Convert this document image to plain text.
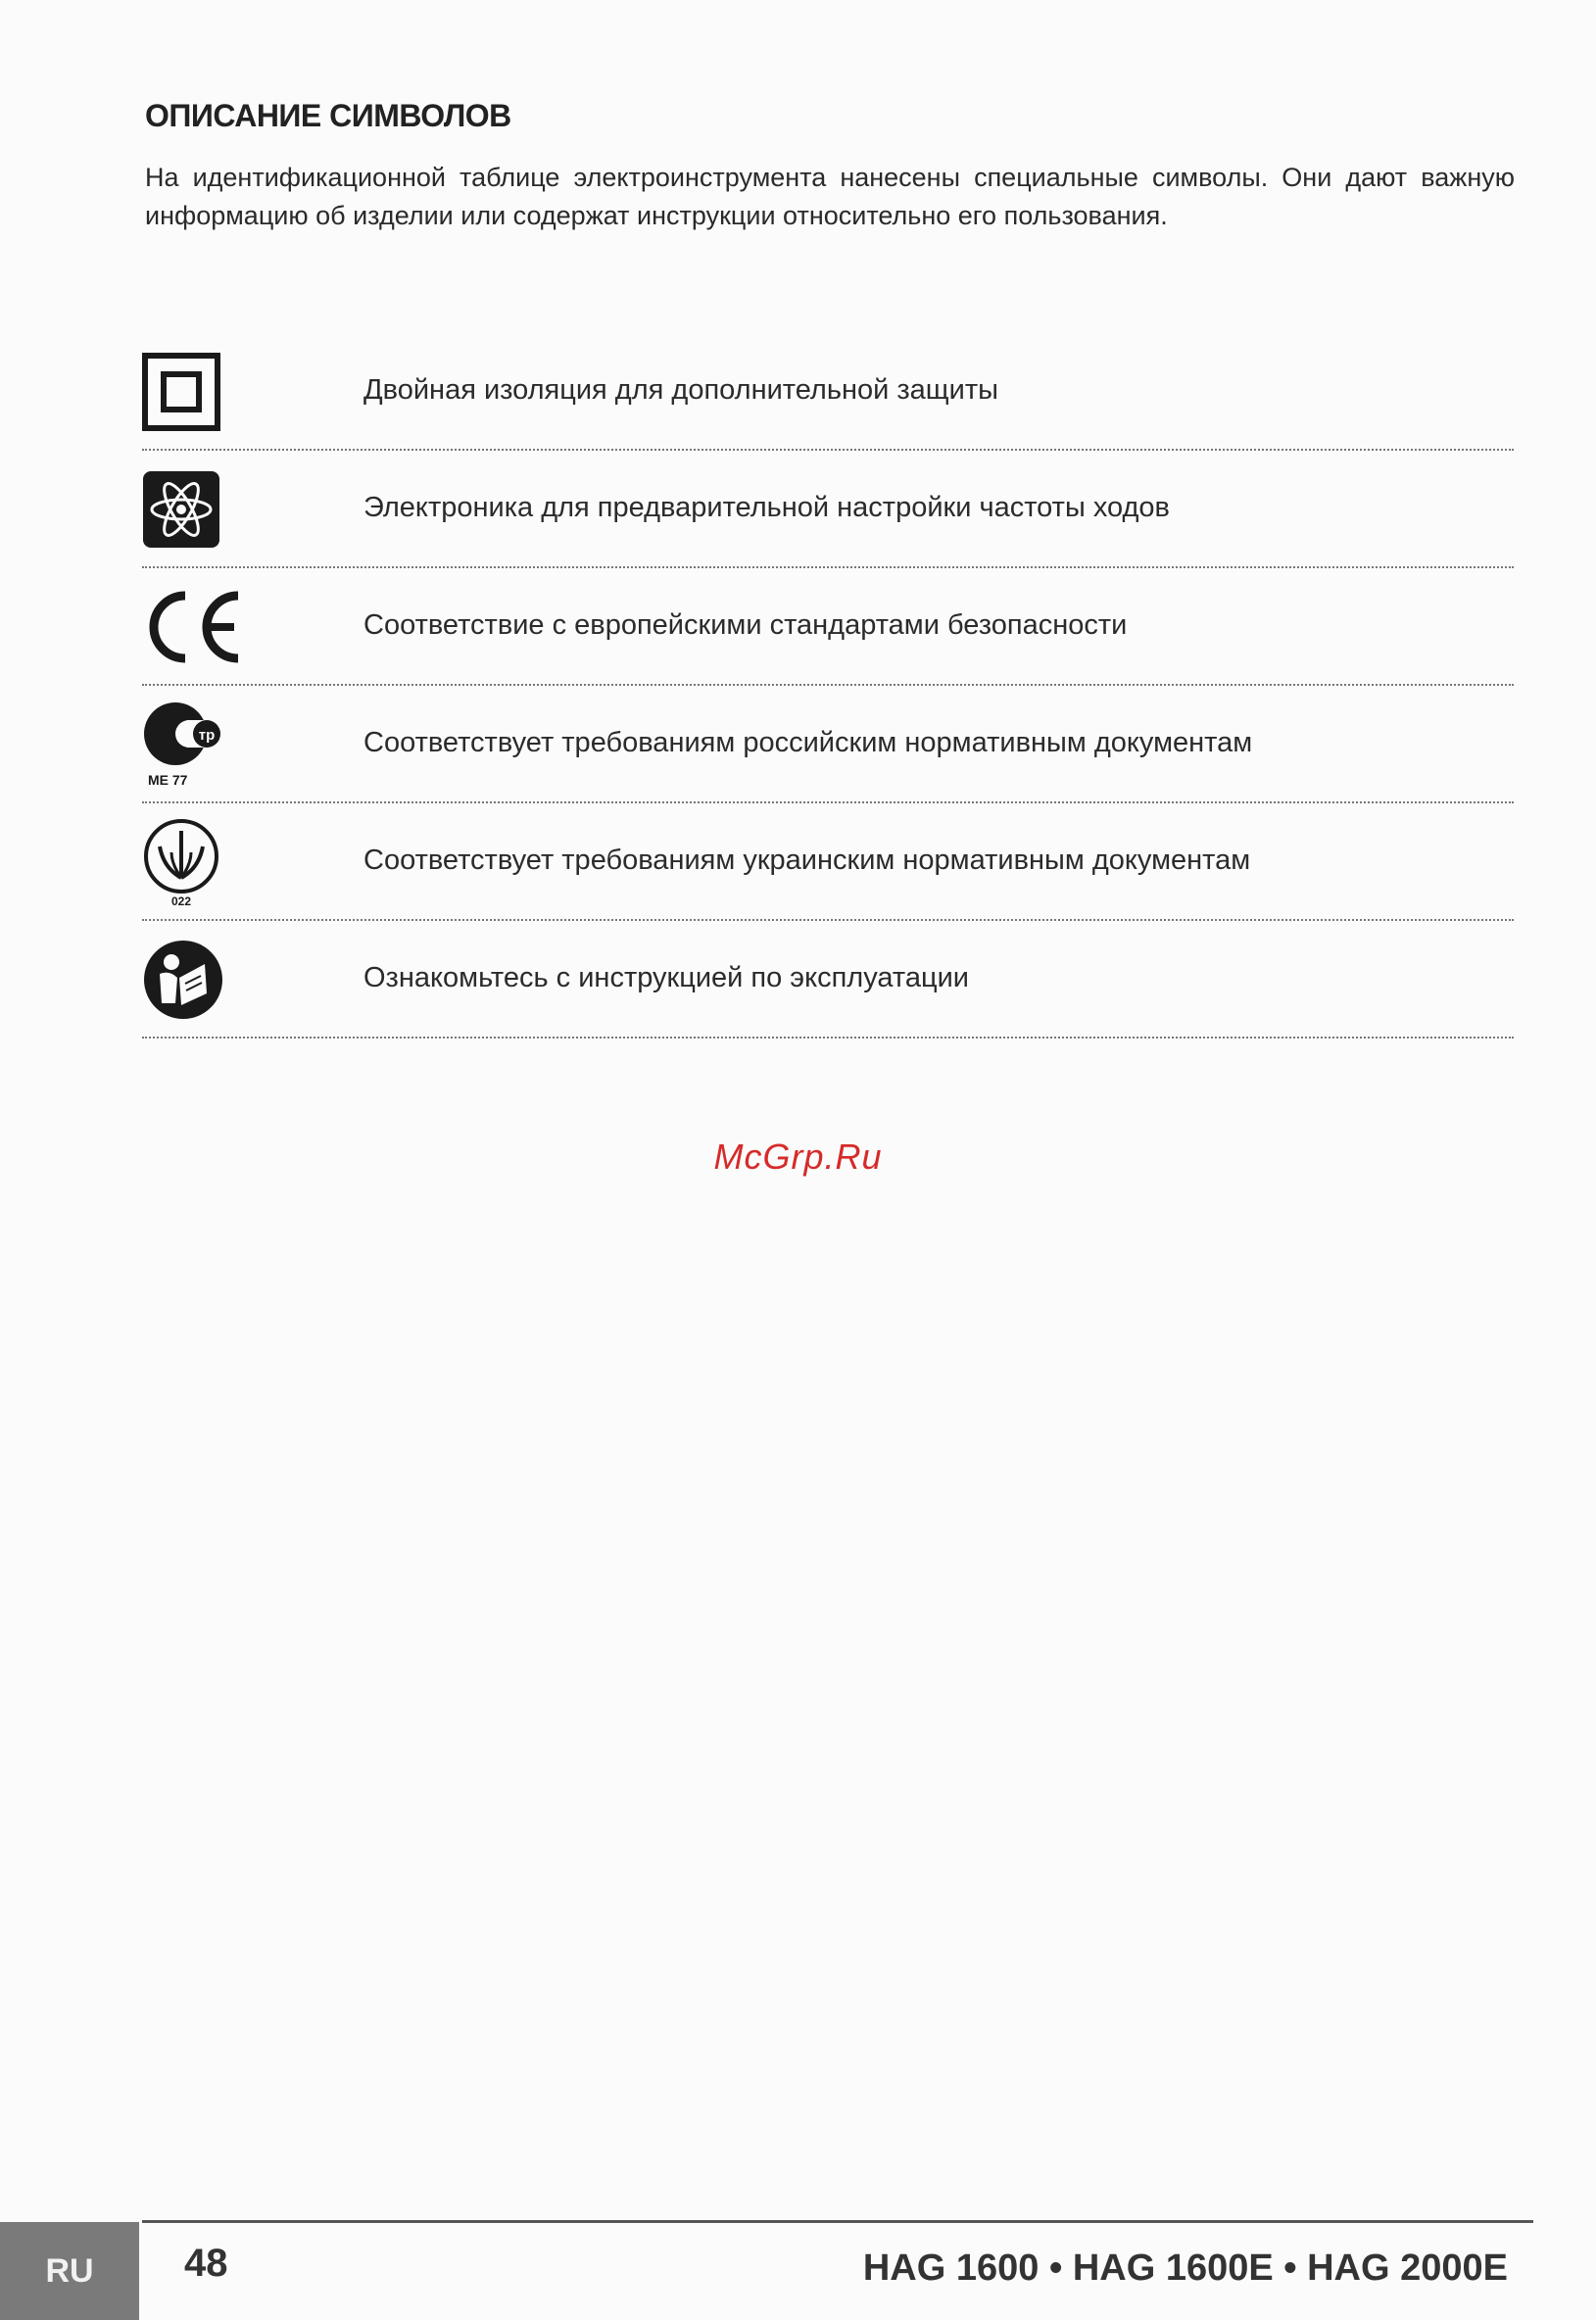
ОПИСАНИЕ СИМВОЛОВ

На идентификационной таблице электроинструмента нанесены специальные символы. Они дают важную информацию об изделии или содержат инструкции относительно его пользования.

Двойная изоляция для дополнительной защиты
Электроника для предварительной настройки частоты ходов
Соответствие с европейскими стандартами безопасности
тр
МЕ 77
Соответствует требованиям российским нормативным документам
022
Соответствует требованиям украинским нормативным документам
Ознакомьтесь с инструкцией по эксплуатации
McGrp.Ru
RU	48	HAG 1600 • HAG 1600E • HAG 2000E
